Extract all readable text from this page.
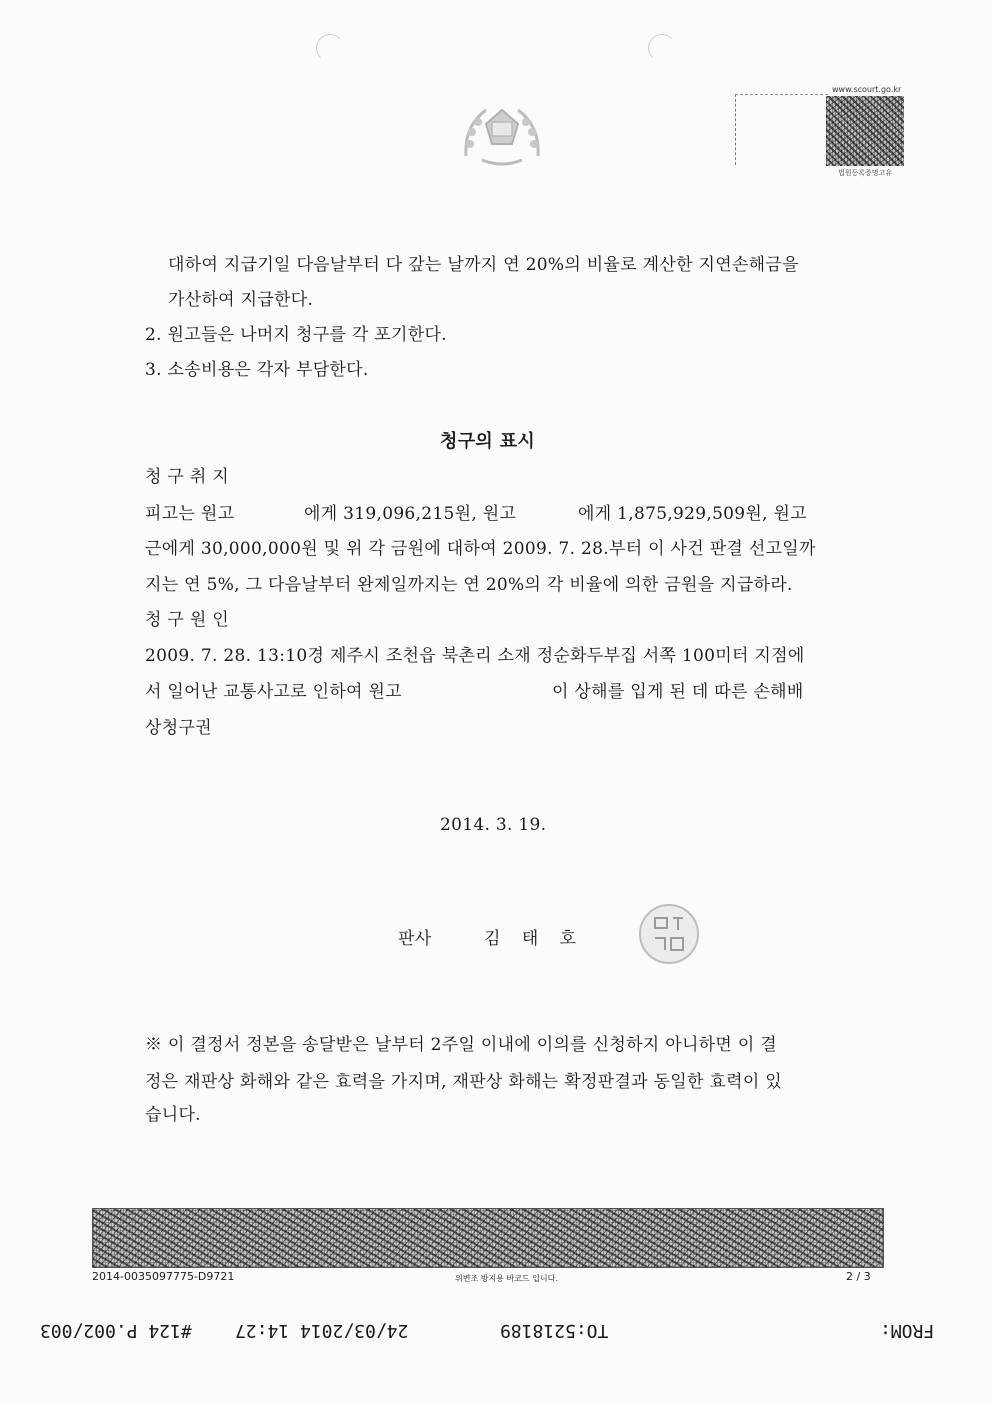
www.scourt.go.kr
법원등록증명고유
대하여 지급기일 다음날부터 다 갚는 날까지 연 20%의 비율로 계산한 지연손해금을
가산하여 지급한다.
2. 원고들은 나머지 청구를 각 포기한다.
3. 소송비용은 각자 부담한다.
청구의 표시
청 구 취 지
피고는 원고	에게 319,096,215원, 원고	에게 1,875,929,509원, 원고
근에게 30,000,000원 및 위 각 금원에 대하여 2009. 7. 28.부터 이 사건 판결 선고일까
지는 연 5%, 그 다음날부터 완제일까지는 연 20%의 각 비율에 의한 금원을 지급하라.
청 구 원 인
2009. 7. 28. 13:10경 제주시 조천읍 북촌리 소재 정순화두부집 서쪽 100미터 지점에
서 일어난 교통사고로 인하여 원고	이 상해를 입게 된 데 따른 손해배
상청구권
2014. 3. 19.
판사	김 태 호
※ 이 결정서 정본을 송달받은 날부터 2주일 이내에 이의를 신청하지 아니하면 이 결
정은 재판상 화해와 같은 효력을 가지며, 재판상 화해는 확정판결과 동일한 효력이 있
습니다.
2014-0035097775-D9721	위변조 방지용 바코드 입니다.	2 / 3
#124 P.002/003 24/03/2014 14:27	TO:5218189	FROM:
